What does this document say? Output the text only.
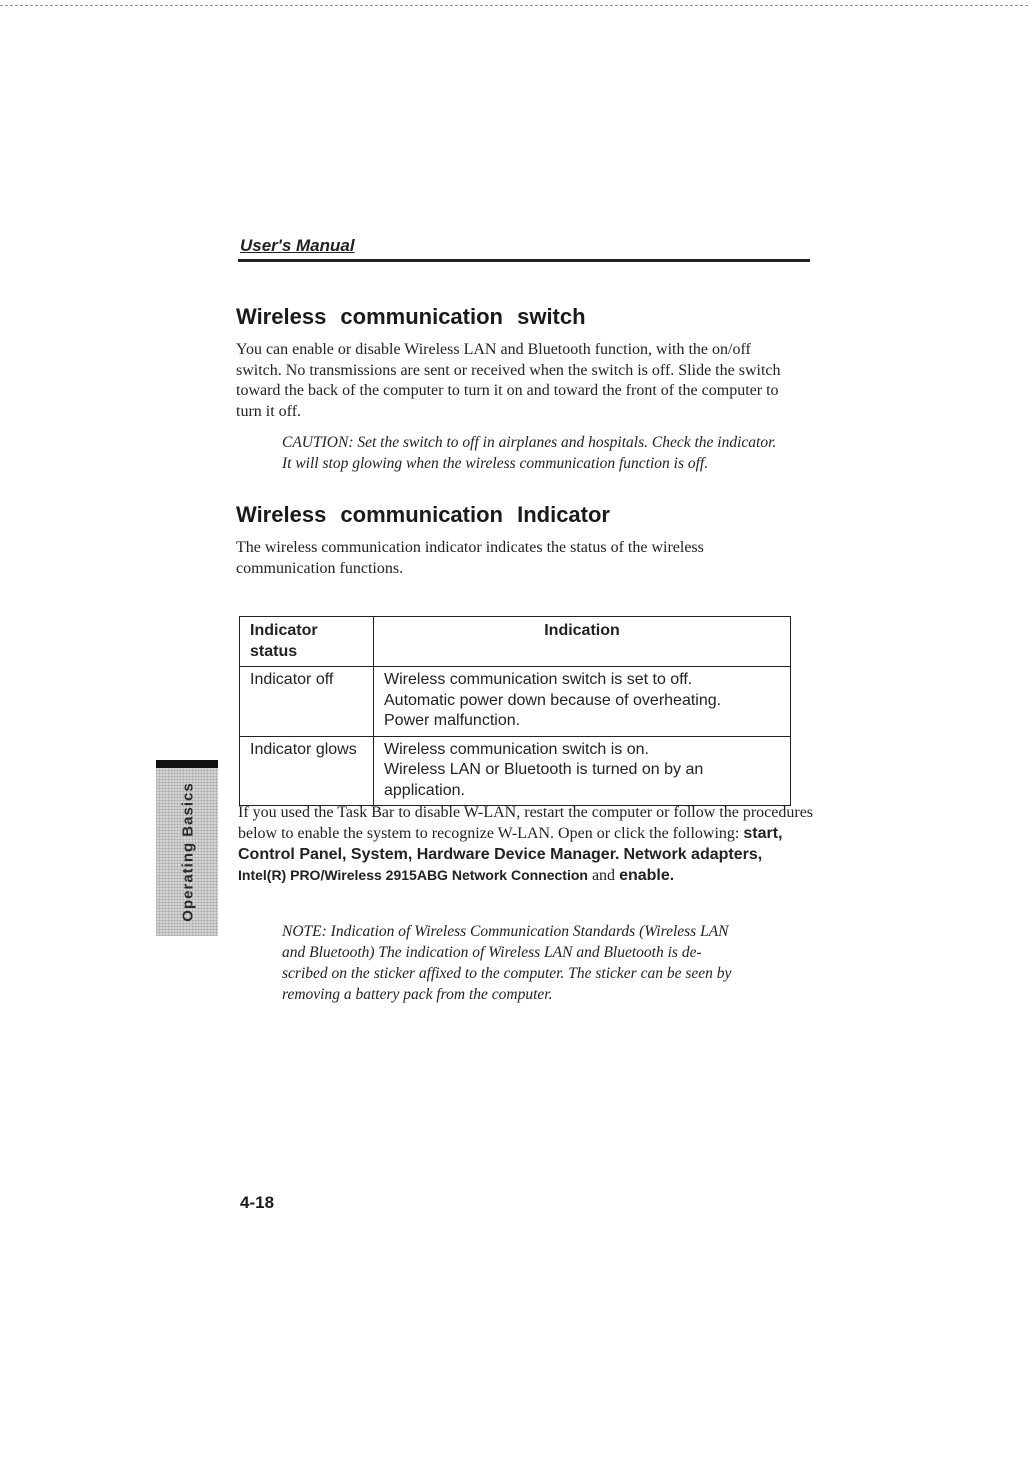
User's Manual
Wireless communication switch

You can enable or disable Wireless LAN and Bluetooth function, with the on/off switch. No transmissions are sent or received when the switch is off. Slide the switch toward the back of the computer to turn it on and toward the front of the computer to turn it off.

CAUTION: Set the switch to off in airplanes and hospitals. Check the indicator.
It will stop glowing when the wireless communication function is off.
Wireless communication Indicator

The wireless communication indicator indicates the status of the wireless communication functions.

Indicator status	Indication
Indicator off	Wireless communication switch is set to off.
Automatic power down because of overheating.
Power malfunction.

Indicator glows	Wireless communication switch is on.
Wireless LAN or Bluetooth is turned on by an
application.
Operating Basics	If you used the Task Bar to disable W-LAN, restart the computer or follow the procedures below to enable the system to recognize W-LAN. Open or click the following: start, Control Panel, System, Hardware Device Manager. Network adapters, Intel(R) PRO/Wireless 2915ABG Network Connection and enable.
NOTE: Indication of Wireless Communication Standards (Wireless LAN
and Bluetooth) The indication of Wireless LAN and Bluetooth is de-
scribed on the sticker affixed to the computer. The sticker can be seen by
removing a battery pack from the computer.
4-18
